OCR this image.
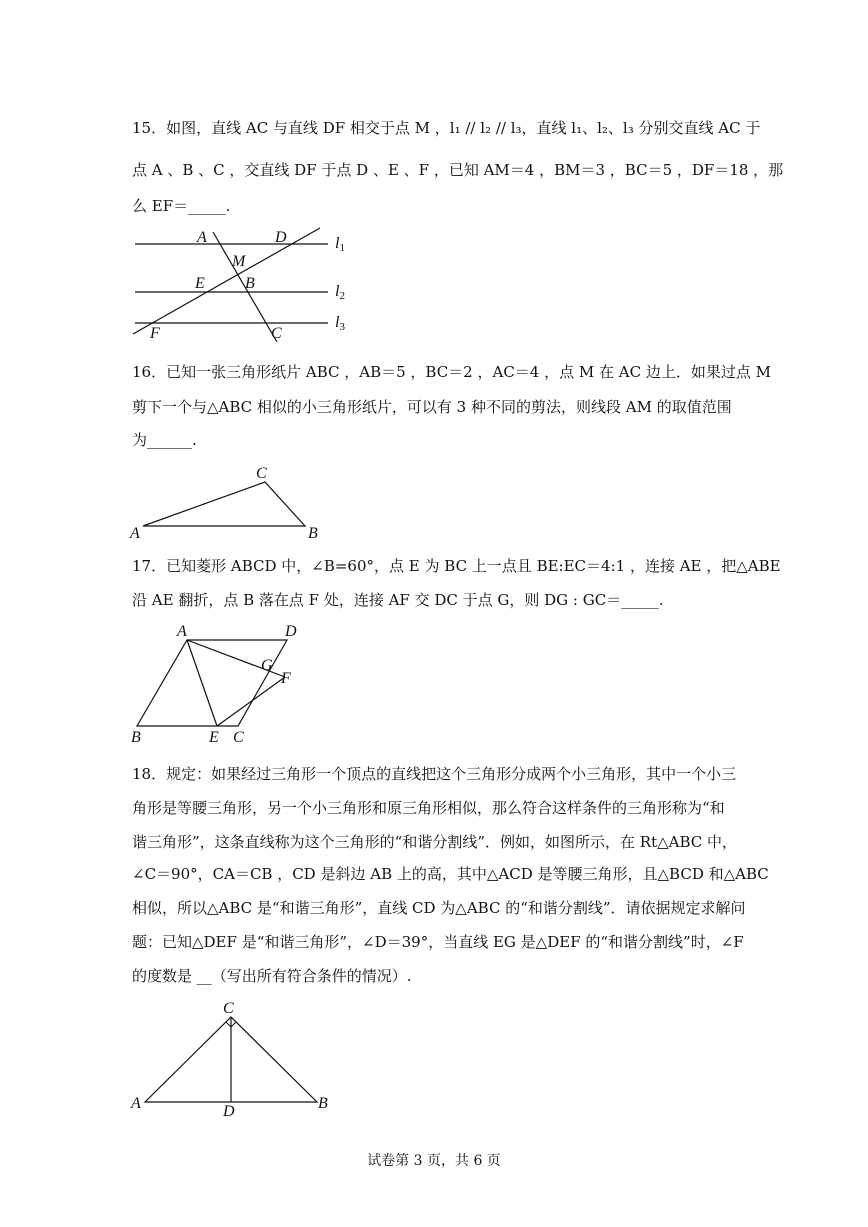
15．如图，直线 AC 与直线 DF 相交于点 M ，l₁ // l₂ // l₃，直线 l₁、l₂、l₃ 分别交直线 AC 于
点 A 、B 、C ，交直线 DF 于点 D 、E 、F ，已知 AM＝4 ，BM＝3 ，BC＝5 ，DF＝18 ，那
么 EF＝_____.
A	D
M
E	B
F	C
l1
l2
l3
16．已知一张三角形纸片 ABC ，AB＝5 ，BC＝2 ，AC＝4 ，点 M 在 AC 边上．如果过点 M
剪下一个与△ABC 相似的小三角形纸片，可以有 3 种不同的剪法，则线段 AM 的取值范围
为______.
A
C
B
17．已知菱形 ABCD 中，∠B=60°，点 E 为 BC 上一点且 BE:EC＝4:1 ，连接 AE ，把△ABE
沿 AE 翻折，点 B 落在点 F 处，连接 AF 交 DC 于点 G，则 DG : GC＝_____.
A	D
G
F
B	E C
18．规定：如果经过三角形一个顶点的直线把这个三角形分成两个小三角形，其中一个小三
角形是等腰三角形，另一个小三角形和原三角形相似，那么符合这样条件的三角形称为“和
谐三角形”，这条直线称为这个三角形的“和谐分割线”．例如，如图所示，在 Rt△ABC 中，
∠C＝90°，CA＝CB ，CD 是斜边 AB 上的高，其中△ACD 是等腰三角形，且△BCD 和△ABC
相似，所以△ABC 是“和谐三角形”，直线 CD 为△ABC 的“和谐分割线”．请依据规定求解问
题：已知△DEF 是“和谐三角形”，∠D＝39°，当直线 EG 是△DEF 的“和谐分割线”时，∠F
的度数是 __（写出所有符合条件的情况）.
C
A	D	B
试卷第 3 页，共 6 页
